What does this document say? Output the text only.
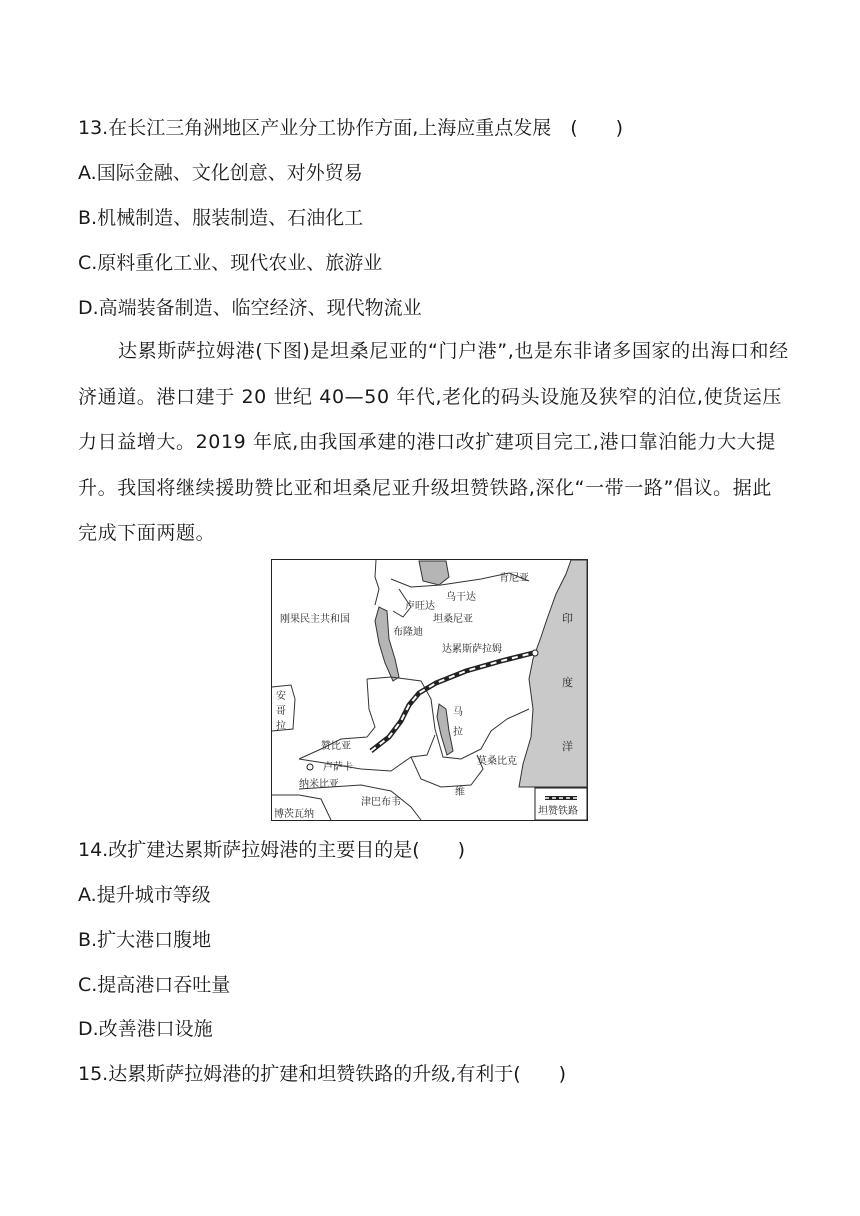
13.在长江三角洲地区产业分工协作方面,上海应重点发展　(　　)
A.国际金融、文化创意、对外贸易
B.机械制造、服装制造、石油化工
C.原料重化工业、现代农业、旅游业
D.高端装备制造、临空经济、现代物流业
达累斯萨拉姆港(下图)是坦桑尼亚的“门户港”,也是东非诸多国家的出海口和经济通道。港口建于 20 世纪 40—50 年代,老化的码头设施及狭窄的泊位,使货运压力日益增大。2019 年底,由我国承建的港口改扩建项目完工,港口靠泊能力大大提升。我国将继续援助赞比亚和坦桑尼亚升级坦赞铁路,深化“一带一路”倡议。据此完成下面两题。
肯尼亚
乌干达
卢旺达
坦桑尼亚
刚果民主共和国
布隆迪
达累斯萨拉姆
安
哥
拉
赞比亚
卢萨卡
马
拉
维
莫桑比克
纳米比亚
津巴布韦
博茨瓦纳
印
度
洋
坦赞铁路
14.改扩建达累斯萨拉姆港的主要目的是(　　)
A.提升城市等级
B.扩大港口腹地
C.提高港口吞吐量
D.改善港口设施
15.达累斯萨拉姆港的扩建和坦赞铁路的升级,有利于(　　)
